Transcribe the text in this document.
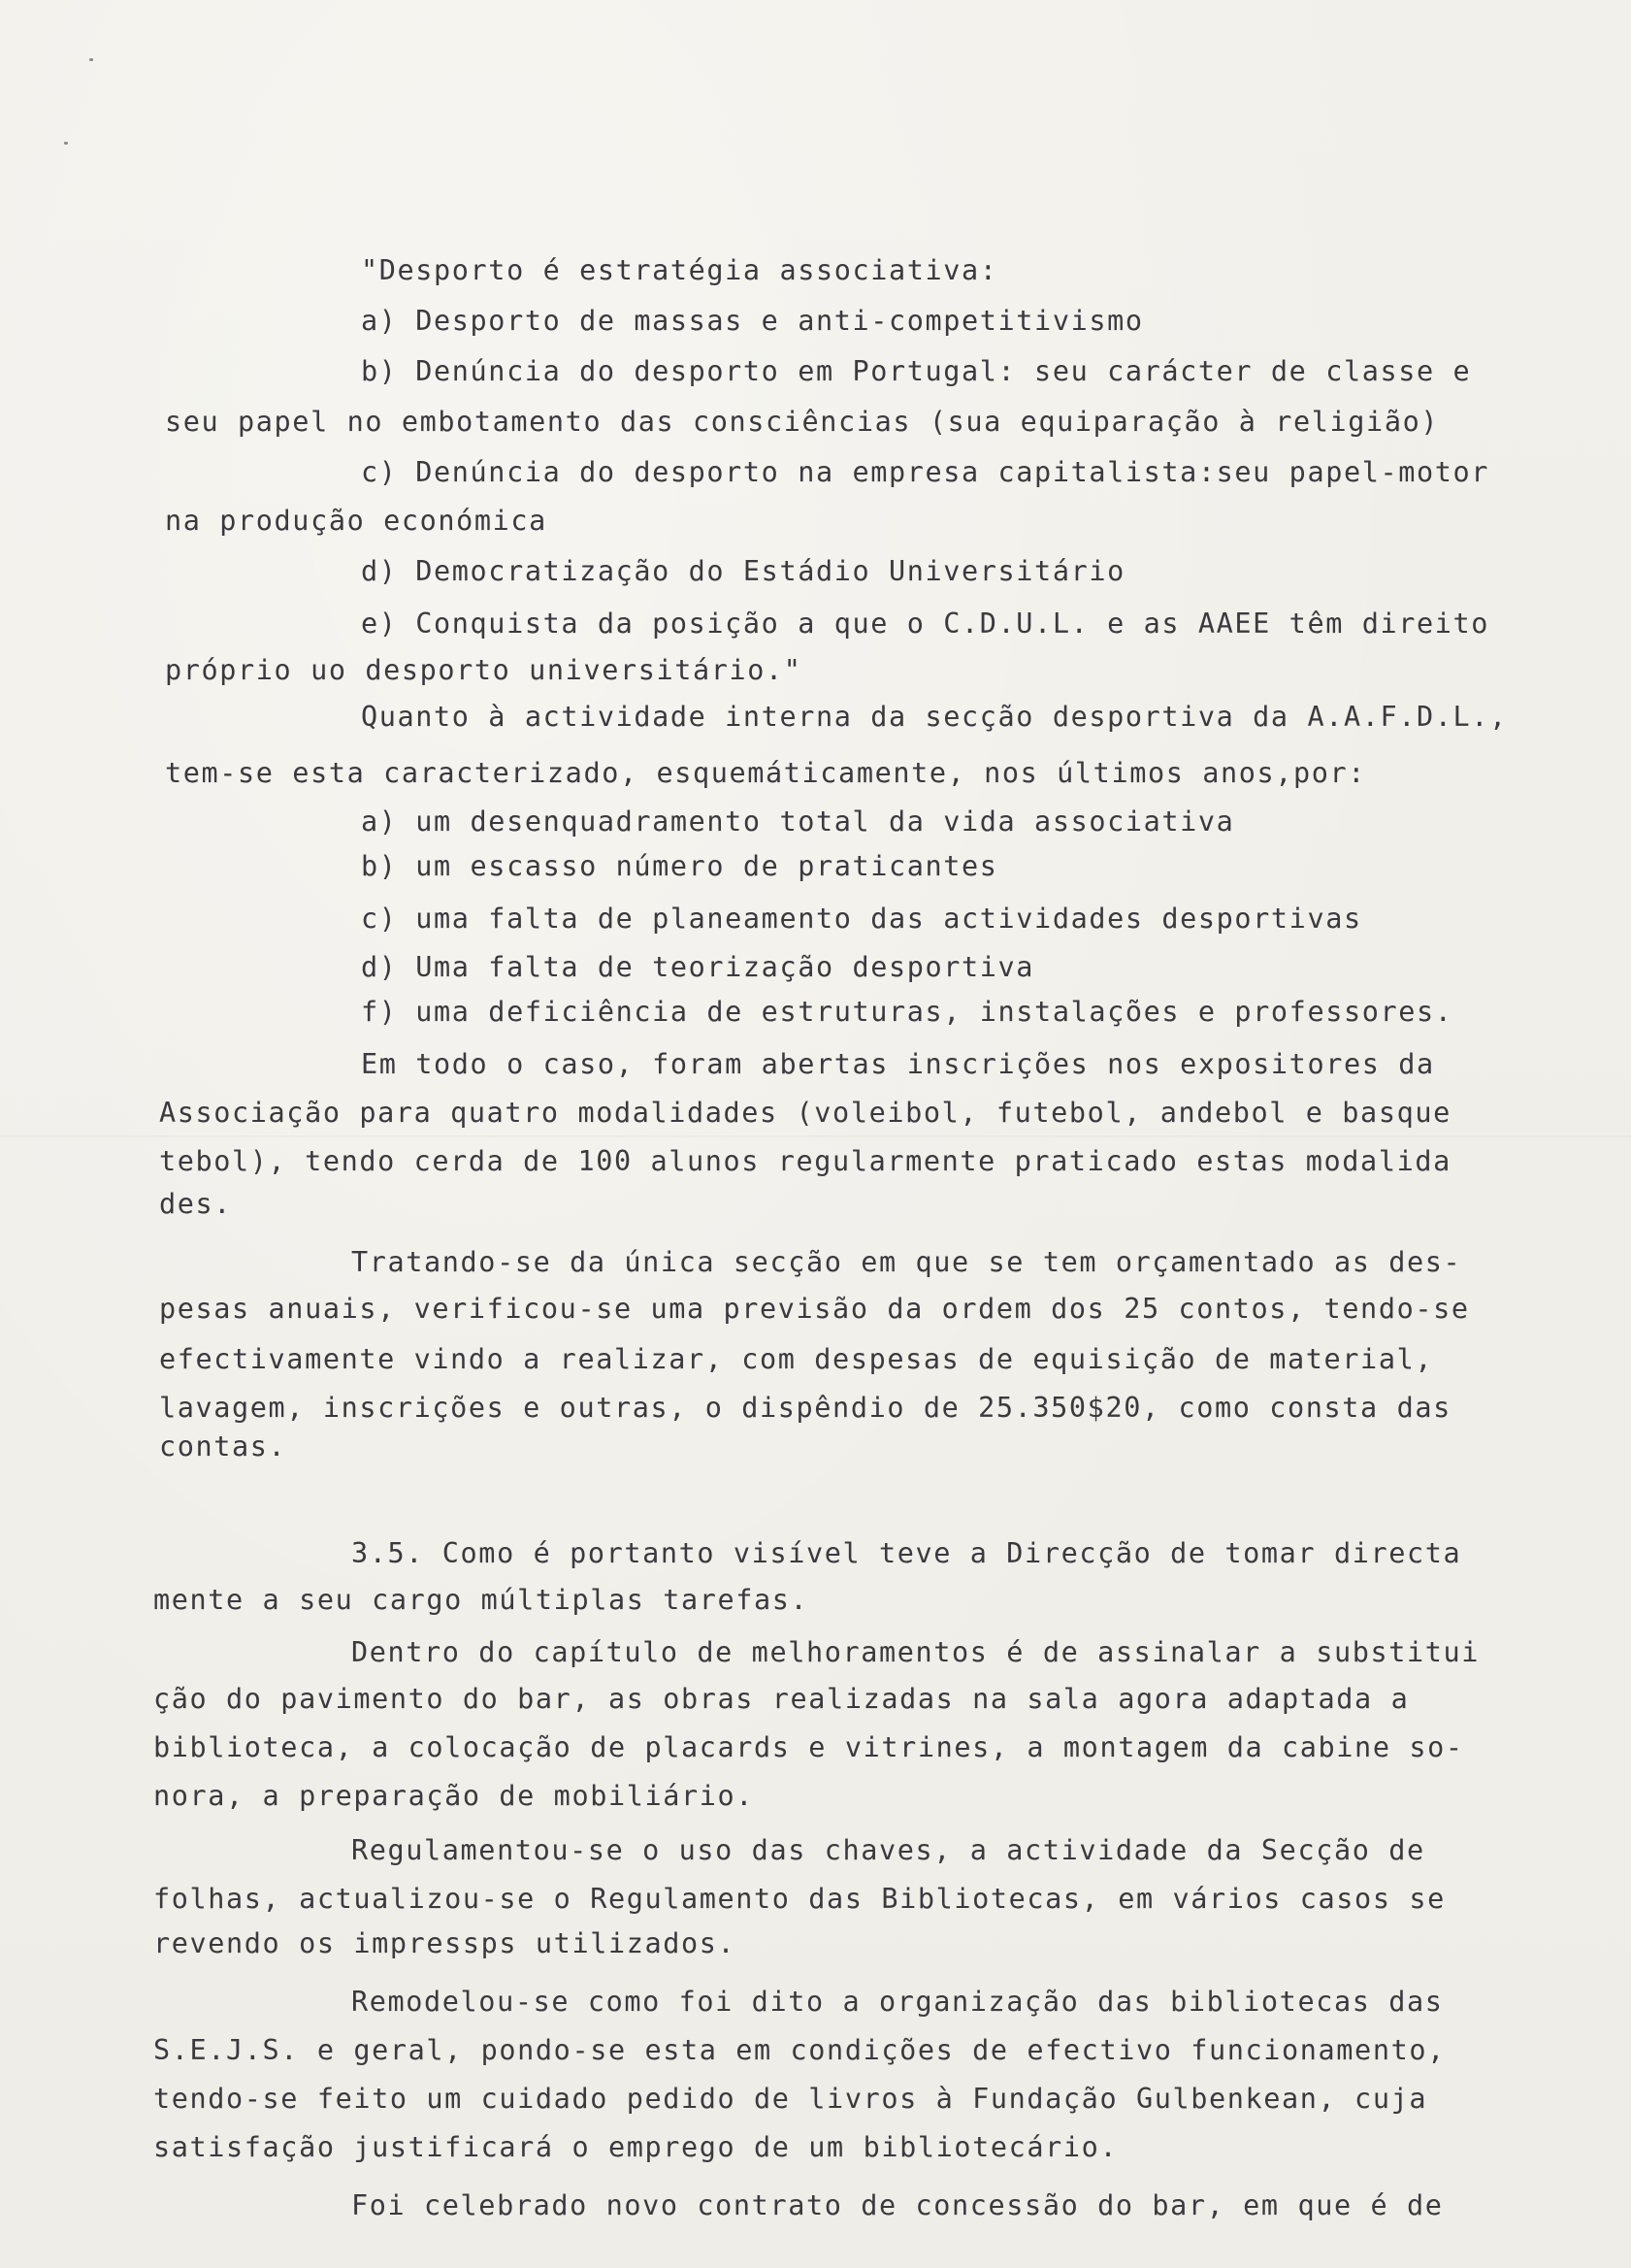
"Desporto é estratégia associativa:
a) Desporto de massas e anti-competitivismo
b) Denúncia do desporto em Portugal: seu carácter de classe e
seu papel no embotamento das consciências (sua equiparação à religião)
c) Denúncia do desporto na empresa capitalista:seu papel-motor
na produção económica
d) Democratização do Estádio Universitário
e) Conquista da posição a que o C.D.U.L. e as AAEE têm direito
próprio uo desporto universitário."
Quanto à actividade interna da secção desportiva da A.A.F.D.L.,
tem-se esta caracterizado, esquemáticamente, nos últimos anos,por:
a) um desenquadramento total da vida associativa
b) um escasso número de praticantes
c) uma falta de planeamento das actividades desportivas
d) Uma falta de teorização desportiva
f) uma deficiência de estruturas, instalações e professores.
Em todo o caso, foram abertas inscrições nos expositores da
Associação para quatro modalidades (voleibol, futebol, andebol e basque
tebol), tendo cerda de 100 alunos regularmente praticado estas modalida
des.
Tratando-se da única secção em que se tem orçamentado as des-
pesas anuais, verificou-se uma previsão da ordem dos 25 contos, tendo-se
efectivamente vindo a realizar, com despesas de equisição de material,
lavagem, inscrições e outras, o dispêndio de 25.350$20, como consta das
contas.
3.5. Como é portanto visível teve a Direcção de tomar directa
mente a seu cargo múltiplas tarefas.
Dentro do capítulo de melhoramentos é de assinalar a substitui
ção do pavimento do bar, as obras realizadas na sala agora adaptada a
biblioteca, a colocação de placards e vitrines, a montagem da cabine so-
nora, a preparação de mobiliário.
Regulamentou-se o uso das chaves, a actividade da Secção de
folhas, actualizou-se o Regulamento das Bibliotecas, em vários casos se
revendo os impressps utilizados.
Remodelou-se como foi dito a organização das bibliotecas das
S.E.J.S. e geral, pondo-se esta em condições de efectivo funcionamento,
tendo-se feito um cuidado pedido de livros à Fundação Gulbenkean, cuja
satisfação justificará o emprego de um bibliotecário.
Foi celebrado novo contrato de concessão do bar, em que é de
